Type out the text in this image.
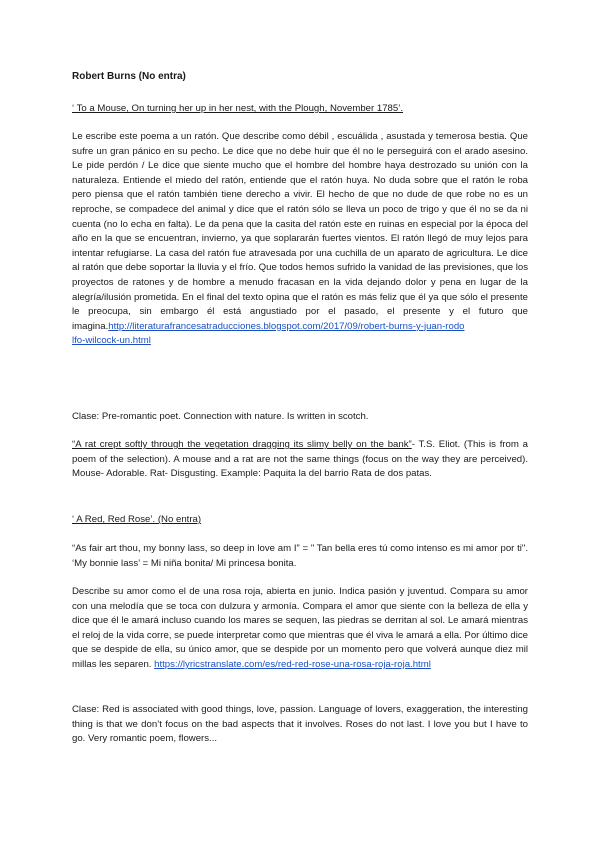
Robert Burns (No entra)
‘ To a Mouse, On turning her up in her nest, with the Plough, November 1785’.
Le escribe este poema a un ratón. Que describe como débil , escuálida , asustada y temerosa bestia. Que sufre un gran pánico en su pecho. Le dice que no debe huir que él no le perseguirá con el arado asesino. Le pide perdón / Le dice que siente mucho que el hombre del hombre haya destrozado su unión con la naturaleza. Entiende el miedo del ratón, entiende que el ratón huya. No duda sobre que el ratón le roba pero piensa que el ratón también tiene derecho a vivir. El hecho de que no dude de que robe no es un reproche, se compadece del animal y dice que el ratón sólo se lleva un poco de trigo y que él no se da ni cuenta (no lo echa en falta). Le da pena que la casita del ratón este en ruinas en especial por la época del año en la que se encuentran, invierno, ya que soplararán fuertes vientos. El ratón llegó de muy lejos para intentar refugiarse. La casa del ratón fue atravesada por una cuchilla de un aparato de agricultura. Le dice al ratón que debe soportar la lluvia y el frío. Que todos hemos sufrido la vanidad de las previsiones, que los proyectos de ratones y de hombre a menudo fracasan en la vida dejando dolor y pena en lugar de la alegría/ilusión prometida. En el final del texto opina que el ratón es más feliz que él ya que sólo el presente le preocupa, sin embargo él está angustiado por el pasado, el presente y el futuro que imagina.http://literaturafrancesatraducciones.blogspot.com/2017/09/robert-burns-y-juan-rodo
lfo-wilcock-un.html
Clase: Pre-romantic poet. Connection with nature. Is written in scotch.
“A rat crept softly through the vegetation dragging its slimy belly on the bank”- T.S. Eliot. (This is from a poem of the selection). A mouse and a rat are not the same things (focus on the way they are perceived). Mouse- Adorable. Rat- Disgusting. Example: Paquita la del barrio Rata de dos patas.
‘ A Red, Red Rose’. (No entra)
“As fair art thou, my bonny lass, so deep in love am I” = " Tan bella eres tú como intenso es mi amor por ti". ‘My bonnie lass’ = Mi niña bonita/ Mi princesa bonita.
Describe su amor como el de una rosa roja, abierta en junio. Indica pasión y juventud. Compara su amor con una melodía que se toca con dulzura y armonía. Compara el amor que siente con la belleza de ella y dice que él le amará incluso cuando los mares se sequen, las piedras se derritan al sol. Le amará mientras el reloj de la vida corre, se puede interpretar como que mientras que él viva le amará a ella. Por último dice que se despide de ella, su único amor, que se despide por un momento pero que volverá aunque diez mil millas les separen. https://lyricstranslate.com/es/red-red-rose-una-rosa-roja-roja.html
Clase: Red is associated with good things, love, passion. Language of lovers, exaggeration, the interesting thing is that we don’t focus on the bad aspects that it involves. Roses do not last. I love you but I have to go. Very romantic poem, flowers...
